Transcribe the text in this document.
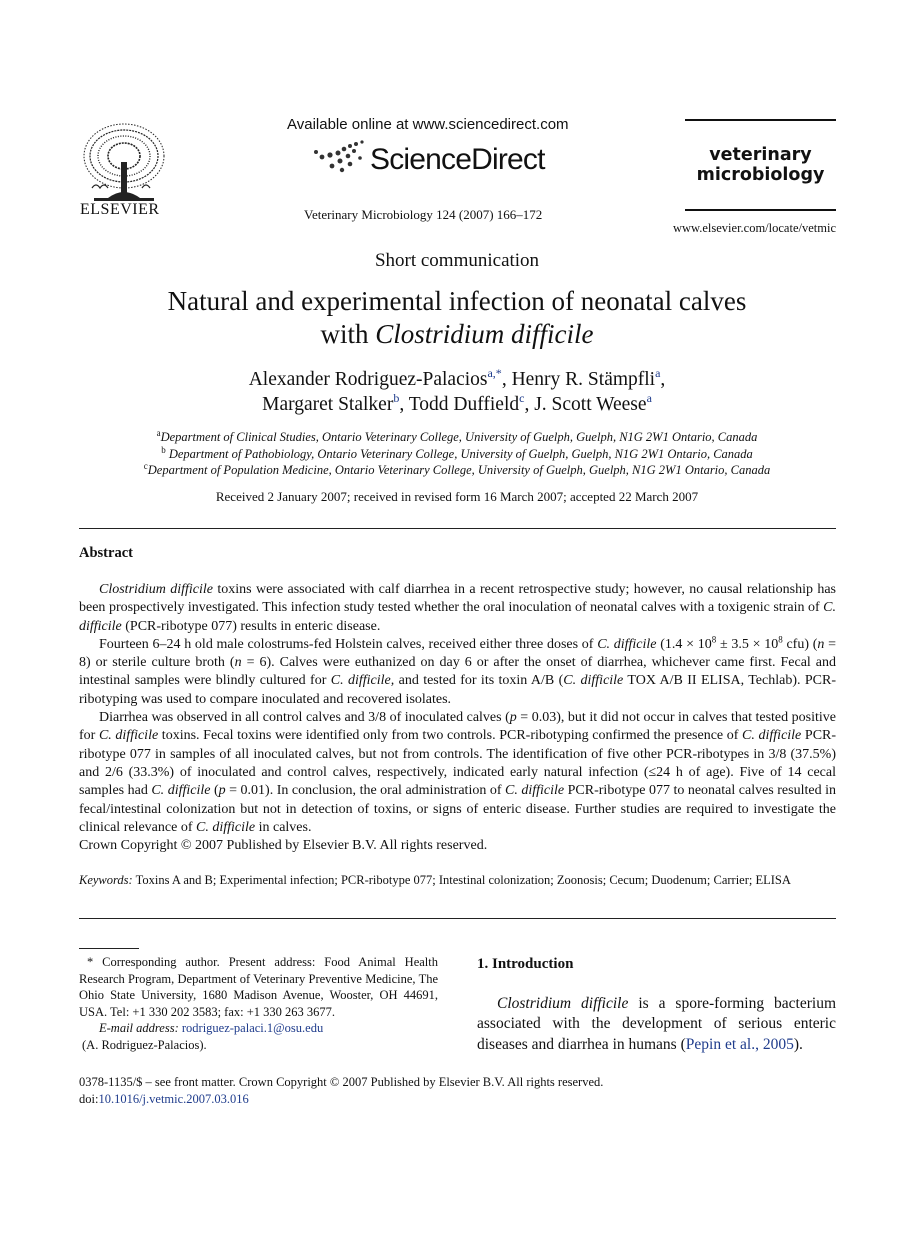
ELSEVIER
Available online at www.sciencedirect.com
ScienceDirect
Veterinary Microbiology 124 (2007) 166–172
veterinary
microbiology
www.elsevier.com/locate/vetmic
Short communication
Natural and experimental infection of neonatal calves
with Clostridium difficile
Alexander Rodriguez-Palacios$^{a,*}$, Henry R. Stämpfli$^a$,
Margaret Stalker$^b$, Todd Duffield$^c$, J. Scott Weese$^a$
$^a$Department of Clinical Studies, Ontario Veterinary College, University of Guelph, Guelph, N1G 2W1 Ontario, Canada
$^b$ Department of Pathobiology, Ontario Veterinary College, University of Guelph, Guelph, N1G 2W1 Ontario, Canada
$^c$Department of Population Medicine, Ontario Veterinary College, University of Guelph, Guelph, N1G 2W1 Ontario, Canada
Received 2 January 2007; received in revised form 16 March 2007; accepted 22 March 2007
Abstract

Clostridium difficile toxins were associated with calf diarrhea in a recent retrospective study; however, no causal relationship has been prospectively investigated. This infection study tested whether the oral inoculation of neonatal calves with a toxigenic strain of C. difficile (PCR-ribotype 077) results in enteric disease.

Fourteen 6–24 h old male colostrums-fed Holstein calves, received either three doses of C. difficile ($1.4 \times 10^8 \pm 3.5 \times 10^8$ cfu) (n = 8) or sterile culture broth (n = 6). Calves were euthanized on day 6 or after the onset of diarrhea, whichever came first. Fecal and intestinal samples were blindly cultured for C. difficile, and tested for its toxin A/B (C. difficile TOX A/B II ELISA, Techlab). PCR-ribotyping was used to compare inoculated and recovered isolates.

Diarrhea was observed in all control calves and 3/8 of inoculated calves (p = 0.03), but it did not occur in calves that tested positive for C. difficile toxins. Fecal toxins were identified only from two controls. PCR-ribotyping confirmed the presence of C. difficile PCR-ribotype 077 in samples of all inoculated calves, but not from controls. The identification of five other PCR-ribotypes in 3/8 (37.5%) and 2/6 (33.3%) of inoculated and control calves, respectively, indicated early natural infection (≤24 h of age). Five of 14 cecal samples had C. difficile (p = 0.01). In conclusion, the oral administration of C. difficile PCR-ribotype 077 to neonatal calves resulted in fecal/intestinal colonization but not in detection of toxins, or signs of enteric disease. Further studies are required to investigate the clinical relevance of C. difficile in calves.

Crown Copyright © 2007 Published by Elsevier B.V. All rights reserved.

Keywords: Toxins A and B; Experimental infection; PCR-ribotype 077; Intestinal colonization; Zoonosis; Cecum; Duodenum; Carrier; ELISA

* Corresponding author. Present address: Food Animal Health Research Program, Department of Veterinary Preventive Medicine, The Ohio State University, 1680 Madison Avenue, Wooster, OH 44691, USA. Tel: +1 330 202 3583; fax: +1 330 263 3677.

E-mail address: rodriguez-palaci.1@osu.edu

(A. Rodriguez-Palacios).

1. Introduction

Clostridium difficile is a spore-forming bacterium associated with the development of serious enteric diseases and diarrhea in humans (Pepin et al., 2005).

0378-1135/$ – see front matter. Crown Copyright © 2007 Published by Elsevier B.V. All rights reserved.
doi:10.1016/j.vetmic.2007.03.016
